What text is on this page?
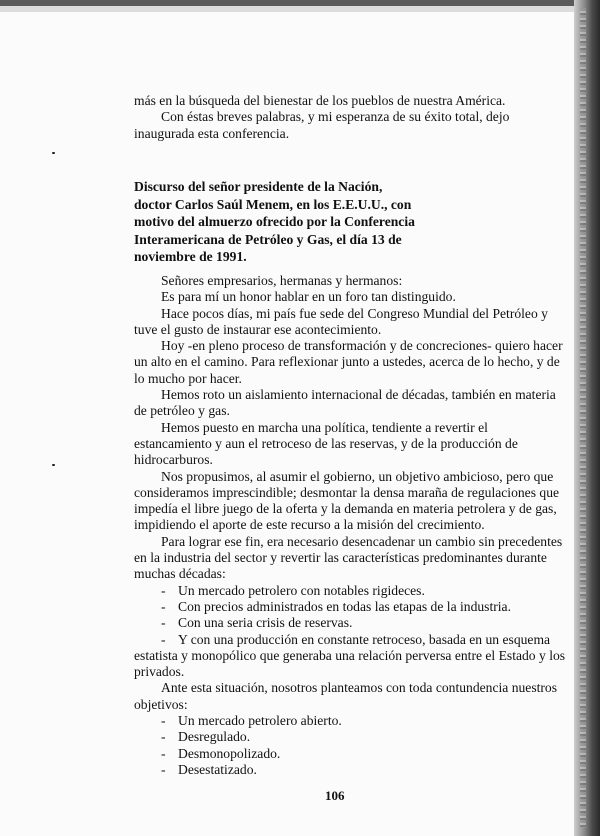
más en la búsqueda del bienestar de los pueblos de nuestra América.
Con éstas breves palabras, y mi esperanza de su éxito total, dejo
inaugurada esta conferencia.
Discurso del señor presidente de la Nación,
doctor Carlos Saúl Menem, en los E.E.U.U., con
motivo del almuerzo ofrecido por la Conferencia
Interamericana de Petróleo y Gas, el día 13 de
noviembre de 1991.
Señores empresarios, hermanas y hermanos:
Es para mí un honor hablar en un foro tan distinguido.
Hace pocos días, mi país fue sede del Congreso Mundial del Petróleo y
tuve el gusto de instaurar ese acontecimiento.
Hoy -en pleno proceso de transformación y de concreciones- quiero hacer
un alto en el camino. Para reflexionar junto a ustedes, acerca de lo hecho, y de
lo mucho por hacer.
Hemos roto un aislamiento internacional de décadas, también en materia
de petróleo y gas.
Hemos puesto en marcha una política, tendiente a revertir el
estancamiento y aun el retroceso de las reservas, y de la producción de
hidrocarburos.
Nos propusimos, al asumir el gobierno, un objetivo ambicioso, pero que
consideramos imprescindible; desmontar la densa maraña de regulaciones que
impedía el libre juego de la oferta y la demanda en materia petrolera y de gas,
impidiendo el aporte de este recurso a la misión del crecimiento.
Para lograr ese fin, era necesario desencadenar un cambio sin precedentes
en la industria del sector y revertir las características predominantes durante
muchas décadas:
- Un mercado petrolero con notables rigideces.
- Con precios administrados en todas las etapas de la industria.
- Con una seria crisis de reservas.
- Y con una producción en constante retroceso, basada en un esquema
estatista y monopólico que generaba una relación perversa entre el Estado y los
privados.
Ante esta situación, nosotros planteamos con toda contundencia nuestros
objetivos:
- Un mercado petrolero abierto.
- Desregulado.
- Desmonopolizado.
- Desestatizado.
106
